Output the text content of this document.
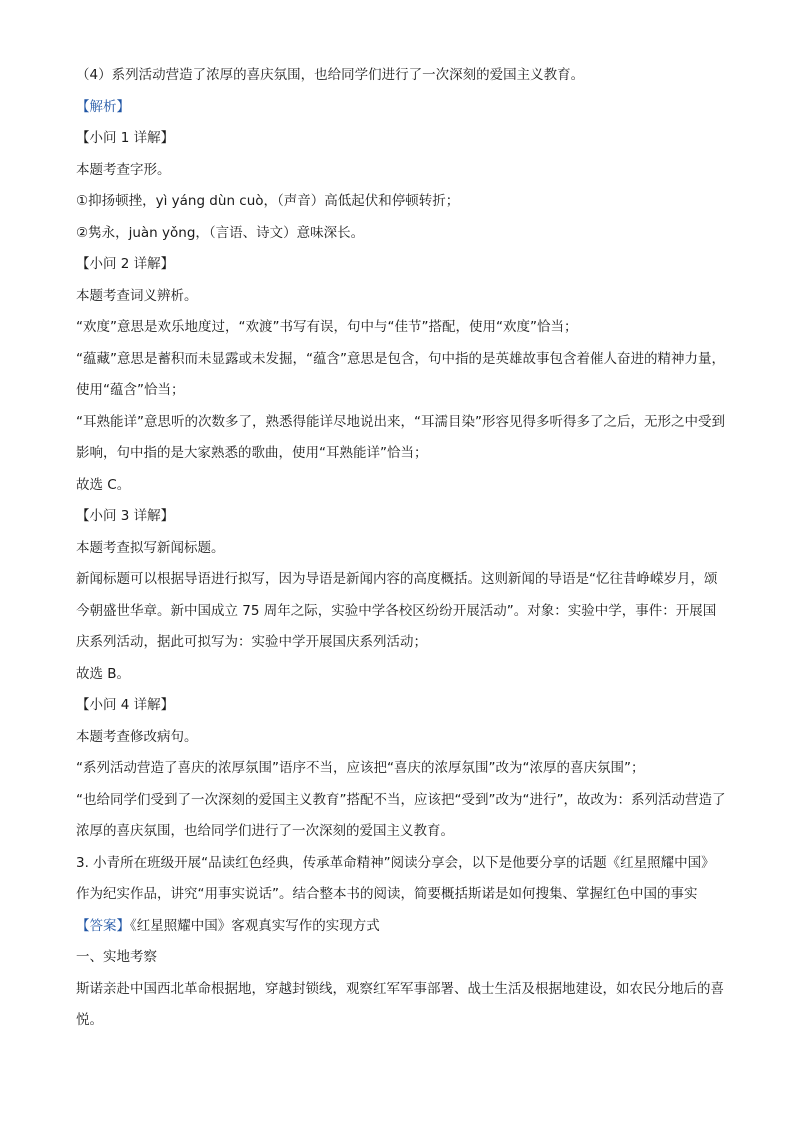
（4）系列活动营造了浓厚的喜庆氛围，也给同学们进行了一次深刻的爱国主义教育。

【解析】

【小问 1 详解】

本题考查字形。

①抑扬顿挫，yì yáng dùn cuò，（声音）高低起伏和停顿转折；

②隽永，juàn yǒng，（言语、诗文）意味深长。

【小问 2 详解】

本题考查词义辨析。

“欢度”意思是欢乐地度过，“欢渡”书写有误，句中与“佳节”搭配，使用“欢度”恰当；

“蕴藏”意思是蓄积而未显露或未发掘，“蕴含”意思是包含，句中指的是英雄故事包含着催人奋进的精神力量，使用“蕴含”恰当；

“耳熟能详”意思听的次数多了，熟悉得能详尽地说出来，“耳濡目染”形容见得多听得多了之后，无形之中受到影响，句中指的是大家熟悉的歌曲，使用“耳熟能详”恰当；

故选 C。

【小问 3 详解】

本题考查拟写新闻标题。

新闻标题可以根据导语进行拟写，因为导语是新闻内容的高度概括。这则新闻的导语是“忆往昔峥嵘岁月，颂今朝盛世华章。新中国成立 75 周年之际，实验中学各校区纷纷开展活动”。对象：实验中学，事件：开展国庆系列活动，据此可拟写为：实验中学开展国庆系列活动；

故选 B。

【小问 4 详解】

本题考查修改病句。

“系列活动营造了喜庆的浓厚氛围”语序不当，应该把“喜庆的浓厚氛围”改为“浓厚的喜庆氛围”；

“也给同学们受到了一次深刻的爱国主义教育”搭配不当，应该把“受到”改为“进行”，故改为：系列活动营造了浓厚的喜庆氛围，也给同学们进行了一次深刻的爱国主义教育。

3. 小青所在班级开展“品读红色经典，传承革命精神”阅读分享会，以下是他要分享的话题《红星照耀中国》作为纪实作品，讲究“用事实说话”。结合整本书的阅读，简要概括斯诺是如何搜集、掌握红色中国的事实

【答案】《红星照耀中国》客观真实写作的实现方式

一、实地考察

斯诺亲赴中国西北革命根据地，穿越封锁线，观察红军军事部署、战士生活及根据地建设，如农民分地后的喜悦。
